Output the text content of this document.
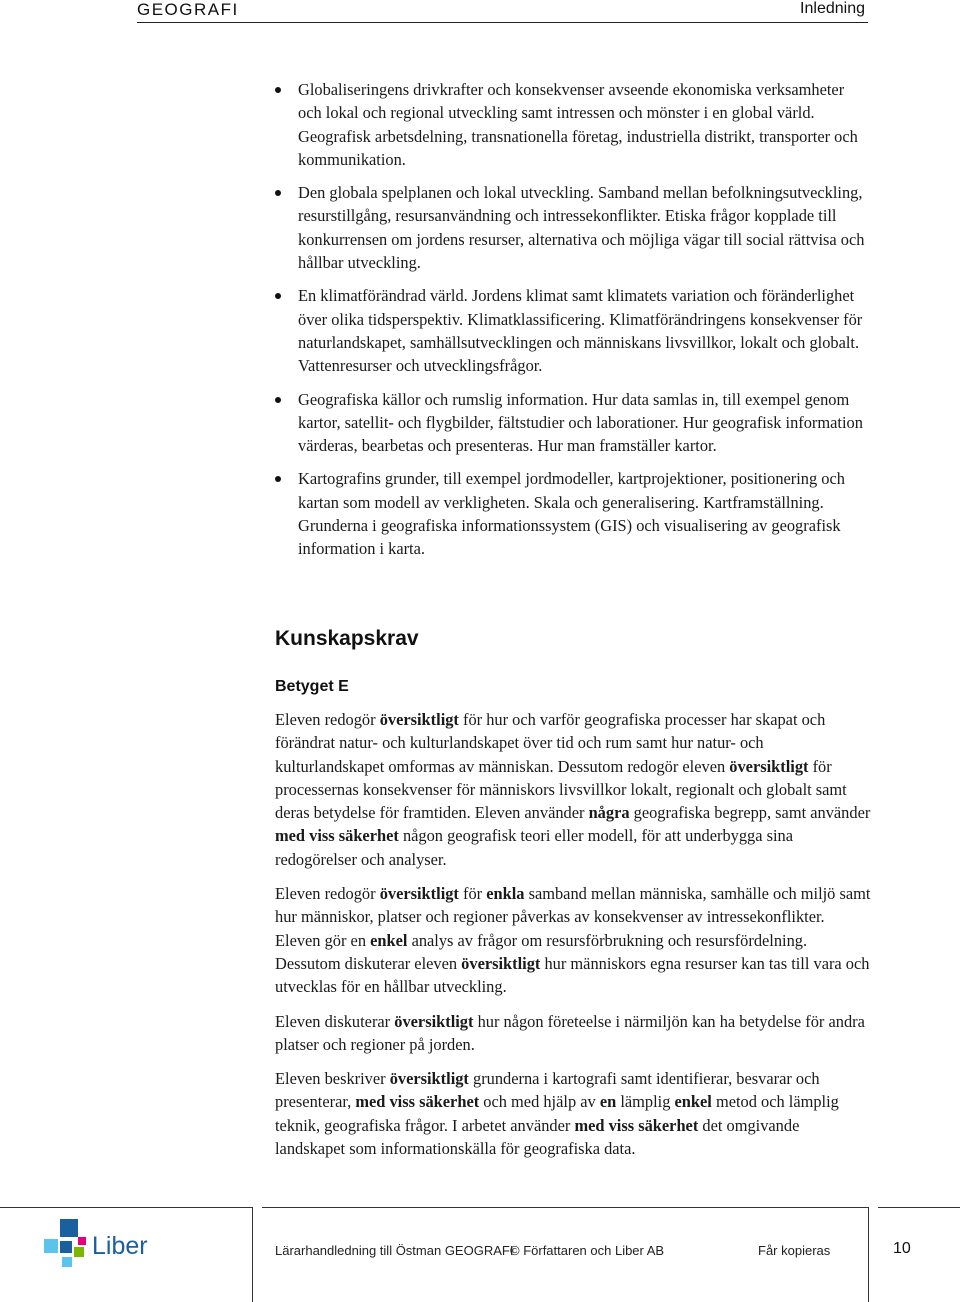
GEOGRAFI	Inledning
Globaliseringens drivkrafter och konsekvenser avseende ekonomiska verksamheter och lokal och regional utveckling samt intressen och mönster i en global värld. Geografisk arbetsdelning, transnationella företag, industriella distrikt, transporter och kommunikation.
Den globala spelplanen och lokal utveckling. Samband mellan befolkningsutveckling, resurstillgång, resursanvändning och intressekonflikter. Etiska frågor kopplade till konkurrensen om jordens resurser, alternativa och möjliga vägar till social rättvisa och hållbar utveckling.
En klimatförändrad värld. Jordens klimat samt klimatets variation och föränderlighet över olika tidsperspektiv. Klimatklassificering. Klimatförändringens konsekvenser för naturlandskapet, samhällsutvecklingen och människans livsvillkor, lokalt och globalt. Vattenresurser och utvecklingsfrågor.
Geografiska källor och rumslig information. Hur data samlas in, till exempel genom kartor, satellit- och flygbilder, fältstudier och laborationer. Hur geografisk information värderas, bearbetas och presenteras. Hur man framställer kartor.
Kartografins grunder, till exempel jordmodeller, kartprojektioner, positionering och kartan som modell av verkligheten. Skala och generalisering. Kartframställning. Grunderna i geografiska informationssystem (GIS) och visualisering av geografisk information i karta.
Kunskapskrav
Betyget E

Eleven redogör översiktligt för hur och varför geografiska processer har skapat och förändrat natur- och kulturlandskapet över tid och rum samt hur natur- och kulturlandskapet omformas av människan. Dessutom redogör eleven översiktligt för processernas konsekvenser för människors livsvillkor lokalt, regionalt och globalt samt deras betydelse för framtiden. Eleven använder några geografiska begrepp, samt använder med viss säkerhet någon geografisk teori eller modell, för att underbygga sina redogörelser och analyser.

Eleven redogör översiktligt för enkla samband mellan människa, samhälle och miljö samt hur människor, platser och regioner påverkas av konsekvenser av intressekonflikter. Eleven gör en enkel analys av frågor om resursförbrukning och resursfördelning. Dessutom diskuterar eleven översiktligt hur människors egna resurser kan tas till vara och utvecklas för en hållbar utveckling.

Eleven diskuterar översiktligt hur någon företeelse i närmiljön kan ha betydelse för andra platser och regioner på jorden.

Eleven beskriver översiktligt grunderna i kartografi samt identifierar, besvarar och presenterar, med viss säkerhet och med hjälp av en lämplig enkel metod och lämplig teknik, geografiska frågor. I arbetet använder med viss säkerhet det omgivande landskapet som informationskälla för geografiska data.

Liber	Lärarhandledning till Östman GEOGRAFI
© Författaren och Liber AB	Får kopieras	10
